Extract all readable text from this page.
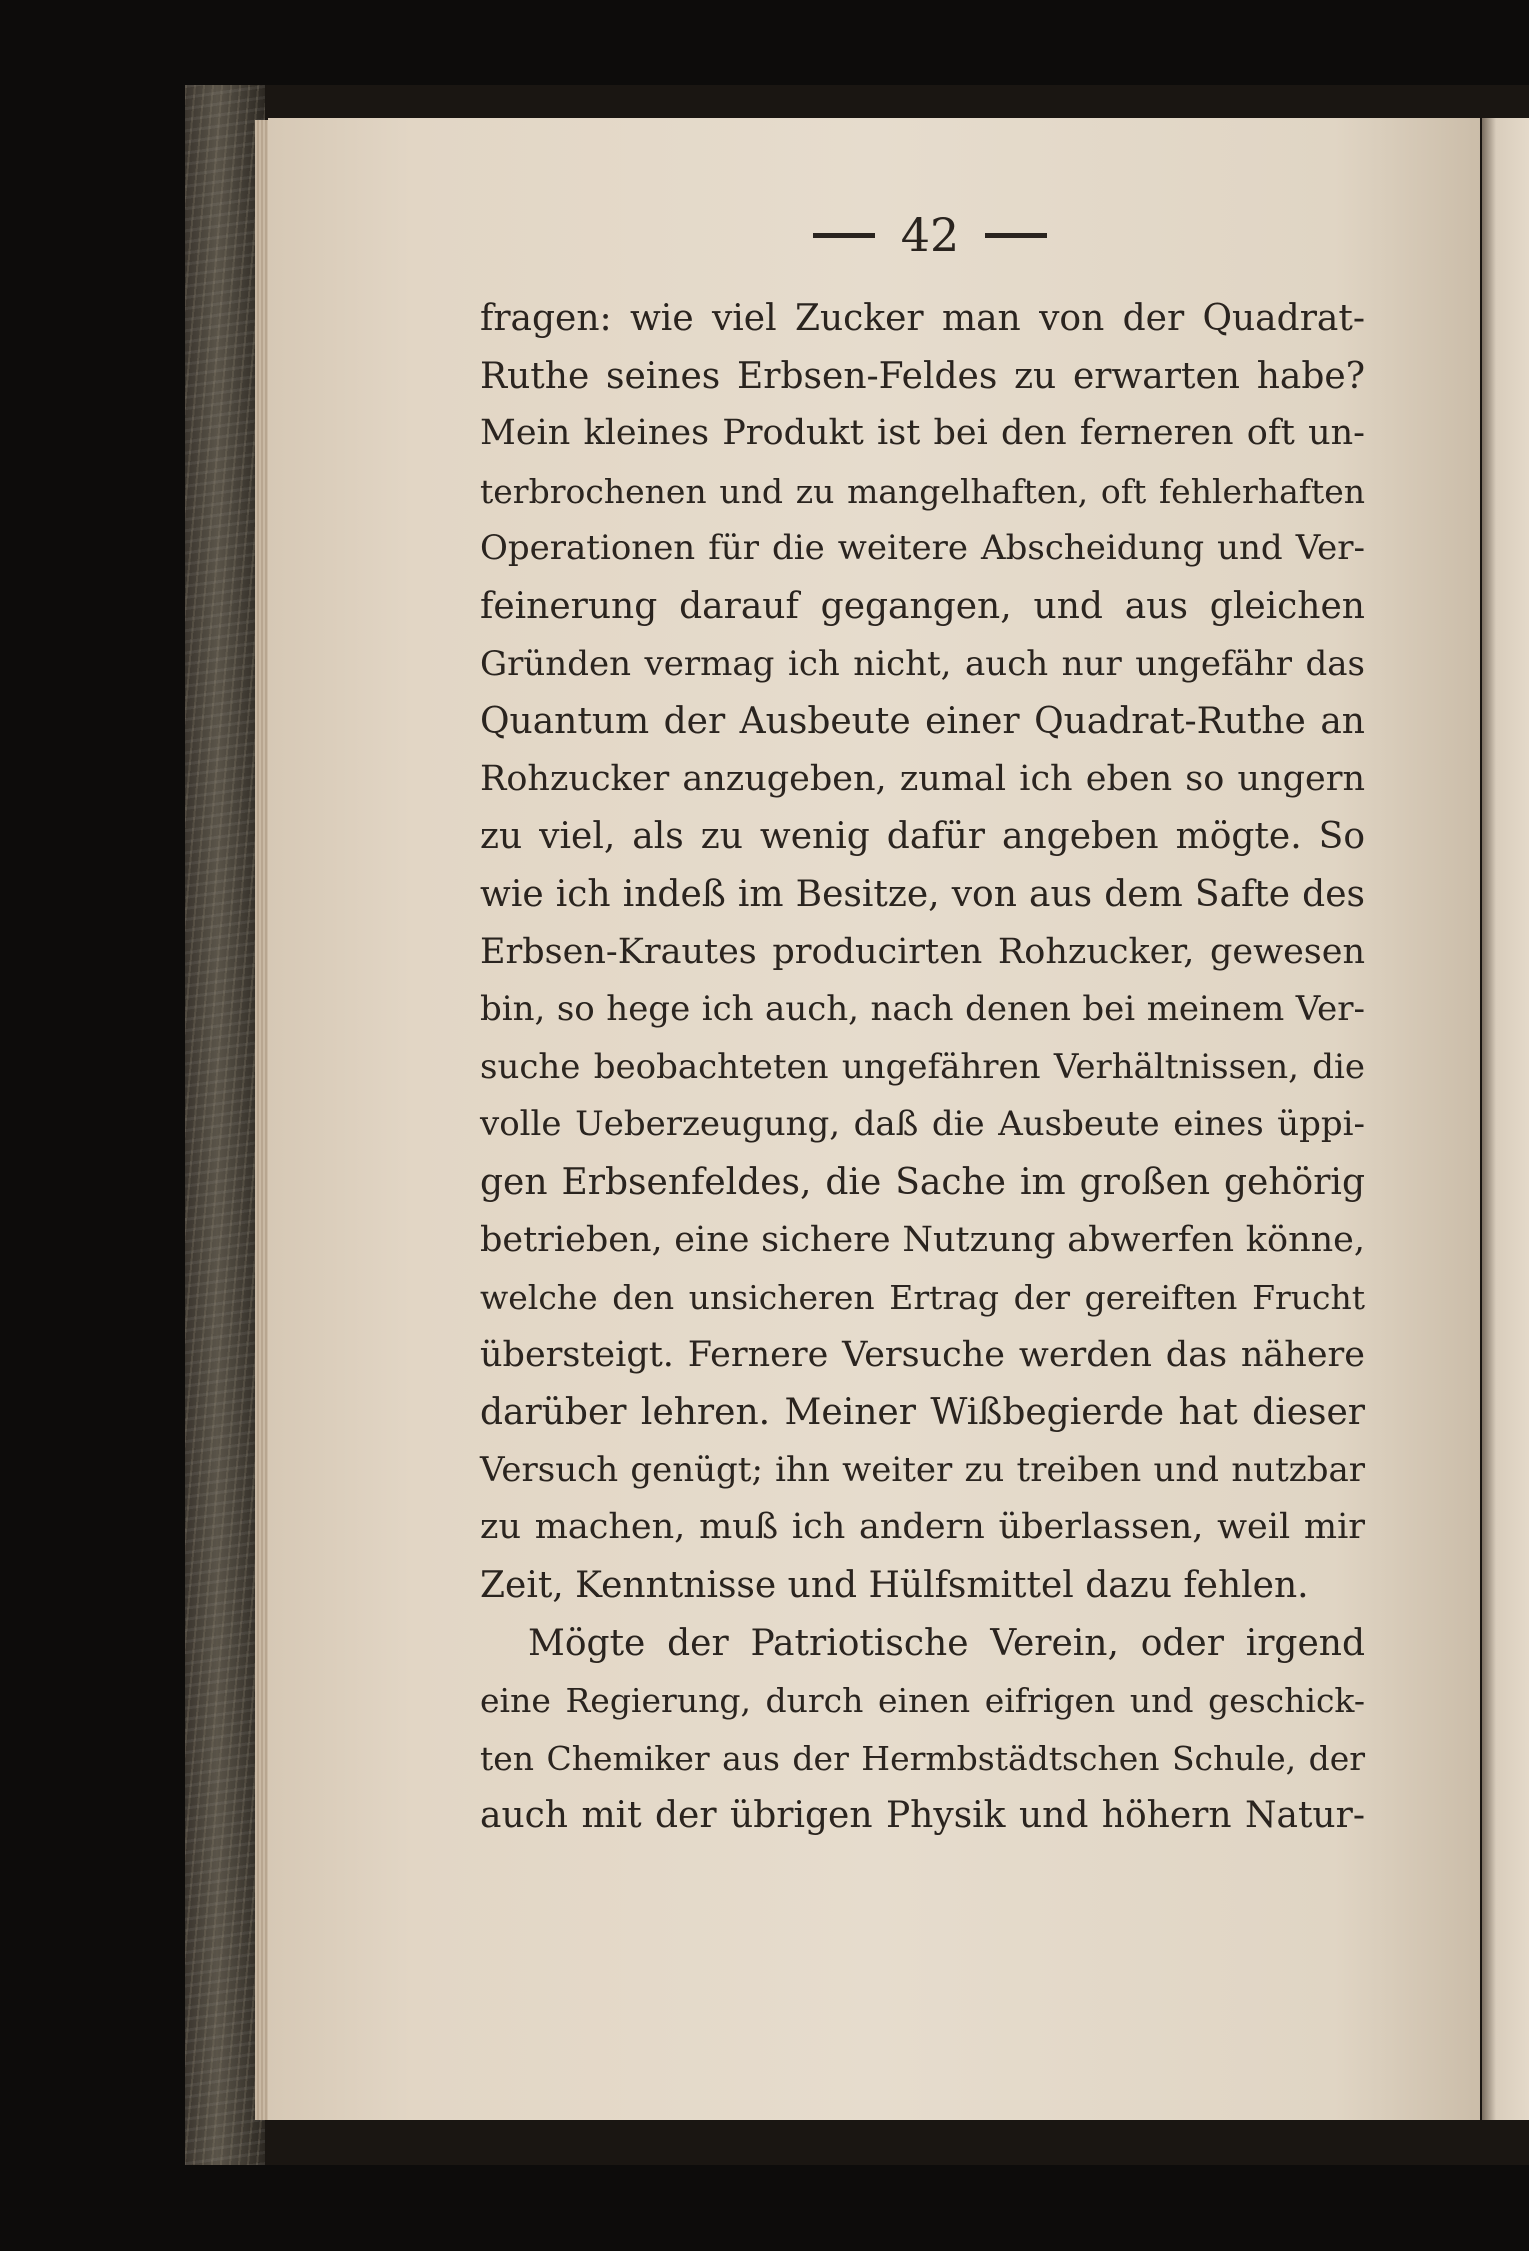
42
fragen: wie viel Zucker man von der Quadrat-
Ruthe seines Erbsen-Feldes zu erwarten habe?
Mein kleines Produkt ist bei den ferneren oft un-
terbrochenen und zu mangelhaften, oft fehlerhaften
Operationen für die weitere Abscheidung und Ver-
feinerung darauf gegangen, und aus gleichen
Gründen vermag ich nicht, auch nur ungefähr das
Quantum der Ausbeute einer Quadrat-Ruthe an
Rohzucker anzugeben, zumal ich eben so ungern
zu viel, als zu wenig dafür angeben mögte. So
wie ich indeß im Besitze, von aus dem Safte des
Erbsen-Krautes producirten Rohzucker, gewesen
bin, so hege ich auch, nach denen bei meinem Ver-
suche beobachteten ungefähren Verhältnissen, die
volle Ueberzeugung, daß die Ausbeute eines üppi-
gen Erbsenfeldes, die Sache im großen gehörig
betrieben, eine sichere Nutzung abwerfen könne,
welche den unsicheren Ertrag der gereiften Frucht
übersteigt. Fernere Versuche werden das nähere
darüber lehren. Meiner Wißbegierde hat dieser
Versuch genügt; ihn weiter zu treiben und nutzbar
zu machen, muß ich andern überlassen, weil mir
Zeit, Kenntnisse und Hülfsmittel dazu fehlen.
Mögte der Patriotische Verein, oder irgend
eine Regierung, durch einen eifrigen und geschick-
ten Chemiker aus der Hermbstädtschen Schule, der
auch mit der übrigen Physik und höhern Natur-
